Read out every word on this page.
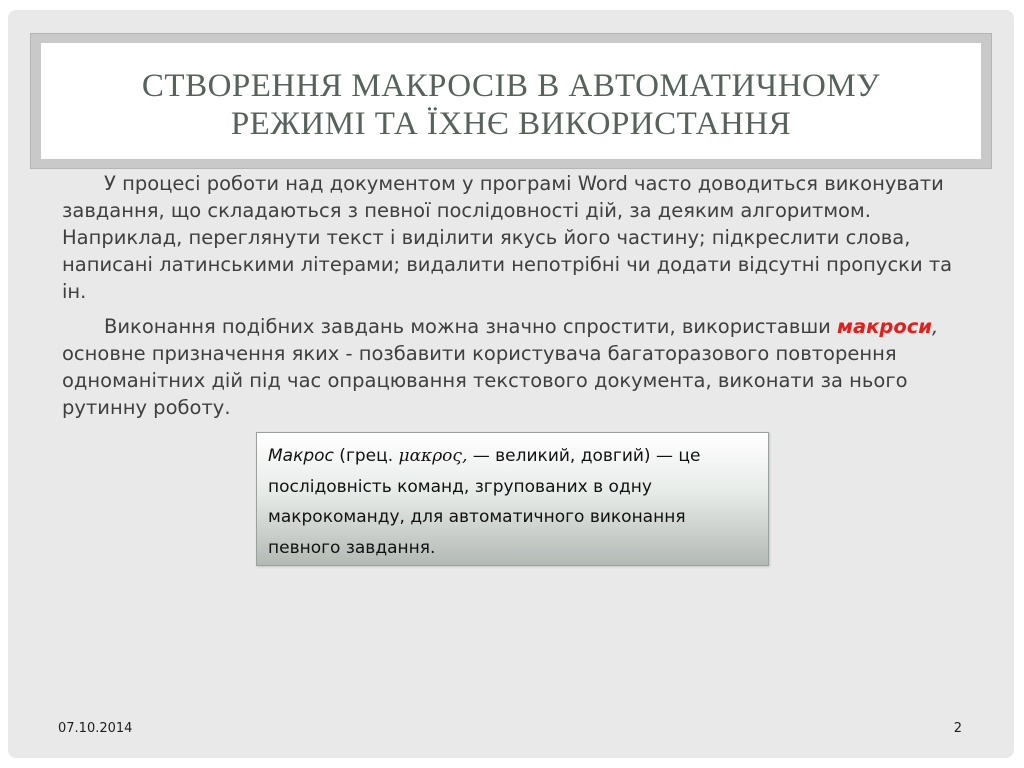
СТВОРЕННЯ МАКРОСІВ В АВТОМАТИЧНОМУ
РЕЖИМІ ТА ЇХНЄ ВИКОРИСТАННЯ

У процесі роботи над документом у програмі Word часто доводиться виконувати завдання, що складаються з певної послідовності дій, за деяким алгоритмом. Наприклад, переглянути текст і виділити якусь його частину; підкреслити слова, написані латинськими літерами; видалити непотрібні чи додати відсутні пропуски та ін.

Виконання подібних завдань можна значно спростити, використавши макроси, основне призначення яких - позбавити користувача багаторазового повторення одноманітних дій під час опрацювання текстового документа, виконати за нього рутинну роботу.

Макрос (грец. μακρος, — великий, довгий) — це послідовність команд, згрупованих в одну макрокоманду, для автоматичного виконання певного завдання.
07.10.2014	2
